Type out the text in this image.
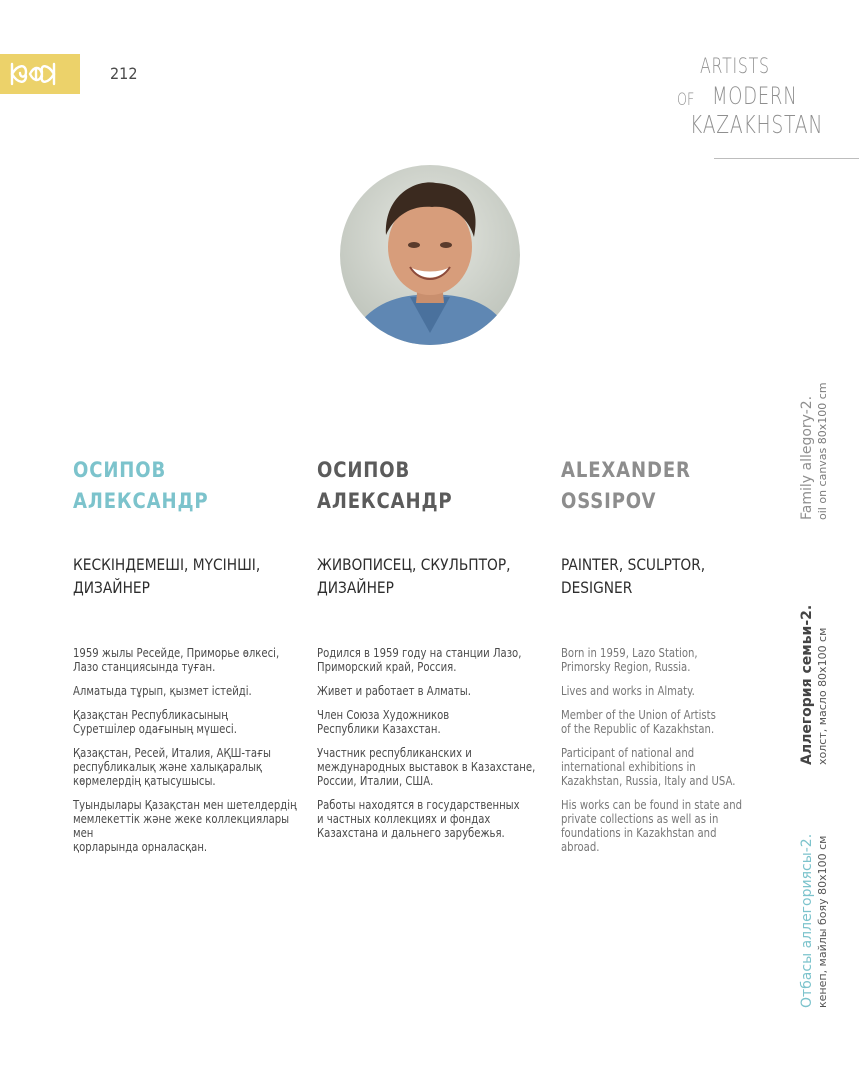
212	ARTISTS
OF MODERN
KAZAKHSTAN
ОСИПОВ
АЛЕКСАНДР
КЕСКІНДЕМЕШІ, МҮСІНШІ,
ДИЗАЙНЕР

1959 жылы Ресейде, Приморье өлкесі,
Лазо станциясында туған.

Алматыда тұрып, қызмет істейді.

Қазақстан Республикасының
Суретшілер одағының мүшесі.

Қазақстан, Ресей, Италия, АҚШ-тағы
республикалық және халықаралық
көрмелердің қатысушысы.

Туындылары Қазақстан мен шетелдердің
мемлекеттік және жеке коллекциялары мен
қорларында орналасқан.

ОСИПОВ
АЛЕКСАНДР
ЖИВОПИСЕЦ, СКУЛЬПТОР,
ДИЗАЙНЕР

Родился в 1959 году на станции Лазо,
Приморский край, Россия.

Живет и работает в Алматы.

Член Союза Художников
Республики Казахстан.

Участник республиканских и
международных выставок в Казахстане,
России, Италии, США.

Работы находятся в государственных
и частных коллекциях и фондах
Казахстана и дальнего зарубежья.

ALEXANDER
OSSIPOV
PAINTER, SCULPTOR,
DESIGNER

Born in 1959, Lazo Station,
Primorsky Region, Russia.

Lives and works in Almaty.

Member of the Union of Artists
of the Republic of Kazakhstan.

Participant of national and
international exhibitions in
Kazakhstan, Russia, Italy and USA.

His works can be found in state and
private collections as well as in
foundations in Kazakhstan and
abroad.

Family allegory-2. oil on canvas 80x100 cm
Аллегория семьи-2. холст, масло 80х100 см
Отбасы аллегориясы-2. кенеп, майлы бояу 80х100 см
